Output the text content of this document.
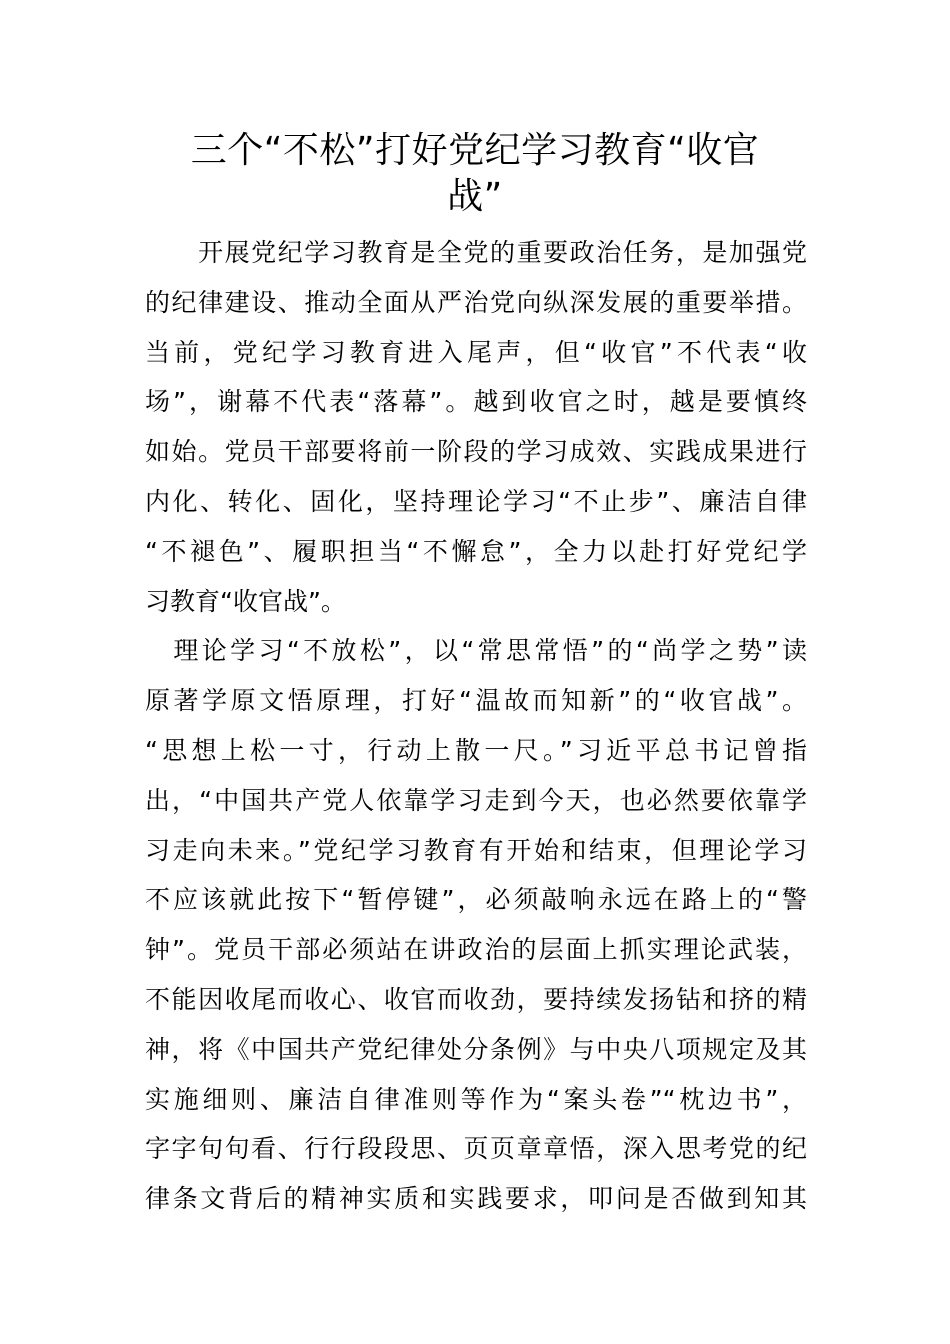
三个“不松”打好党纪学习教育“收官
战”
　　开展党纪学习教育是全党的重要政治任务，是加强党
的纪律建设、推动全面从严治党向纵深发展的重要举措。
当前，党纪学习教育进入尾声，但“收官”不代表“收
场”，谢幕不代表“落幕”。越到收官之时，越是要慎终
如始。党员干部要将前一阶段的学习成效、实践成果进行
内化、转化、固化，坚持理论学习“不止步”、廉洁自律
“不褪色”、履职担当“不懈怠”，全力以赴打好党纪学
习教育“收官战”。
　理论学习“不放松”，以“常思常悟”的“尚学之势”读
原著学原文悟原理，打好“温故而知新”的“收官战”。
“思想上松一寸，行动上散一尺。”习近平总书记曾指
出，“中国共产党人依靠学习走到今天，也必然要依靠学
习走向未来。”党纪学习教育有开始和结束，但理论学习
不应该就此按下“暂停键”，必须敲响永远在路上的“警
钟”。党员干部必须站在讲政治的层面上抓实理论武装，
不能因收尾而收心、收官而收劲，要持续发扬钻和挤的精
神，将《中国共产党纪律处分条例》与中央八项规定及其
实施细则、廉洁自律准则等作为“案头卷”“枕边书”，
字字句句看、行行段段思、页页章章悟，深入思考党的纪
律条文背后的精神实质和实践要求，叩问是否做到知其
